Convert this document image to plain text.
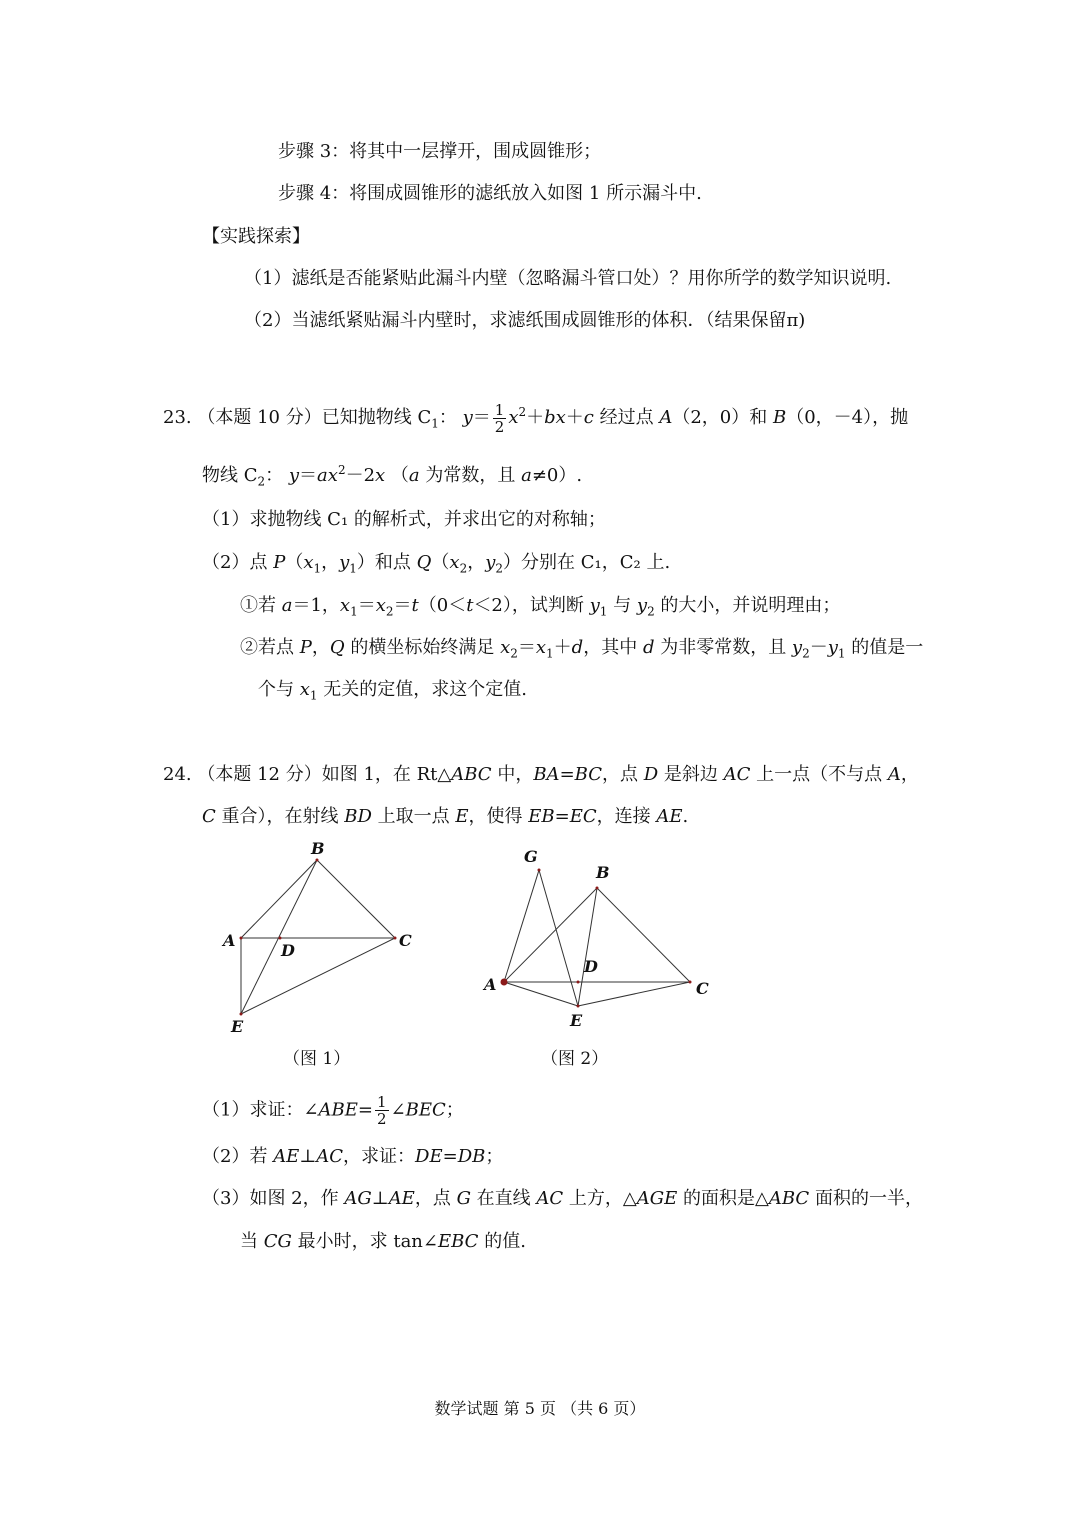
步骤 3：将其中一层撑开，围成圆锥形；
步骤 4：将围成圆锥形的滤纸放入如图 1 所示漏斗中.
【实践探索】
（1）滤纸是否能紧贴此漏斗内壁（忽略漏斗管口处）？用你所学的数学知识说明.
（2）当滤纸紧贴漏斗内壁时，求滤纸围成圆锥形的体积．（结果保留π)
23. （本题 10 分）已知抛物线 $C_1$： $y= \frac{1}{2} x^2+bx+c$ 经过点 A（2，0）和 B（0，－4），抛
物线 $C_2$： $y=ax^2-2x$ （a 为常数，且 a≠0）.
（1）求抛物线 C₁ 的解析式，并求出它的对称轴；
（2）点 $P(x_1$，$y_1$）和点 $Q(x_2$，$y_2$）分别在 C₁，C₂ 上.
①若 a＝1，$x_1=x_2=t(0<t<2)$，试判断 $y_1$ 与 $y_2$ 的大小，并说明理由；
②若点 P，Q 的横坐标始终满足 $x_2=x_1+d$，其中 d 为非零常数，且 $y_2-y_1$ 的值是一
个与 $x_1$ 无关的定值，求这个定值.
24. （本题 12 分）如图 1，在 Rt△ABC 中，BA=BC，点 D 是斜边 AC 上一点（不与点 A，
C 重合），在射线 BD 上取一点 E，使得 EB=EC，连接 AE.
B
A	C
D
E
（图 1）
G
B
A	C
D
E
（图 2）
（1）求证：∠ABE= $\frac{1}{2}$ ∠BEC；
（2）若 AE⊥AC，求证：DE=DB；
（3）如图 2，作 AG⊥AE，点 G 在直线 AC 上方，△AGE 的面积是△ABC 面积的一半，
当 CG 最小时，求 tan∠EBC 的值.
数学试题 第 5 页 （共 6 页）
